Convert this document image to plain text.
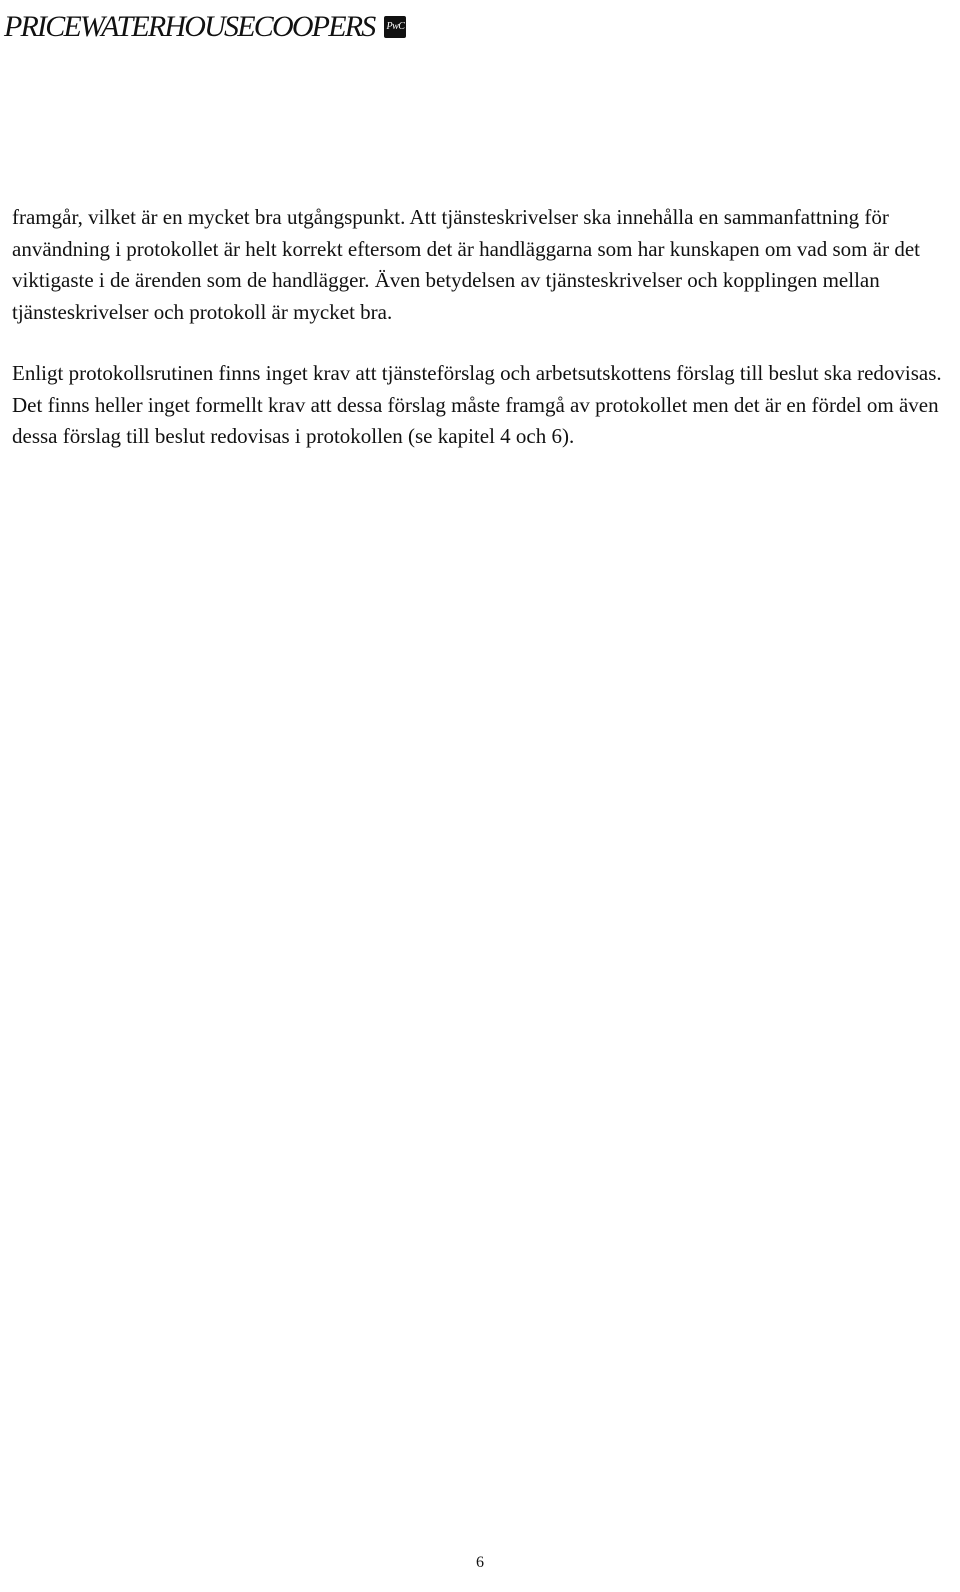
PRICEWATERHOUSECOOPERS PwC

framgår, vilket är en mycket bra utgångspunkt. Att tjänsteskrivelser ska innehålla en sammanfattning för användning i protokollet är helt korrekt eftersom det är handläggarna som har kunskapen om vad som är det viktigaste i de ärenden som de handlägger. Även betydelsen av tjänsteskrivelser och kopplingen mellan tjänsteskrivelser och protokoll är mycket bra.

Enligt protokollsrutinen finns inget krav att tjänsteförslag och arbetsutskottens förslag till beslut ska redovisas. Det finns heller inget formellt krav att dessa förslag måste framgå av protokollet men det är en fördel om även dessa förslag till beslut redovisas i protokollen (se kapitel 4 och 6).

6
